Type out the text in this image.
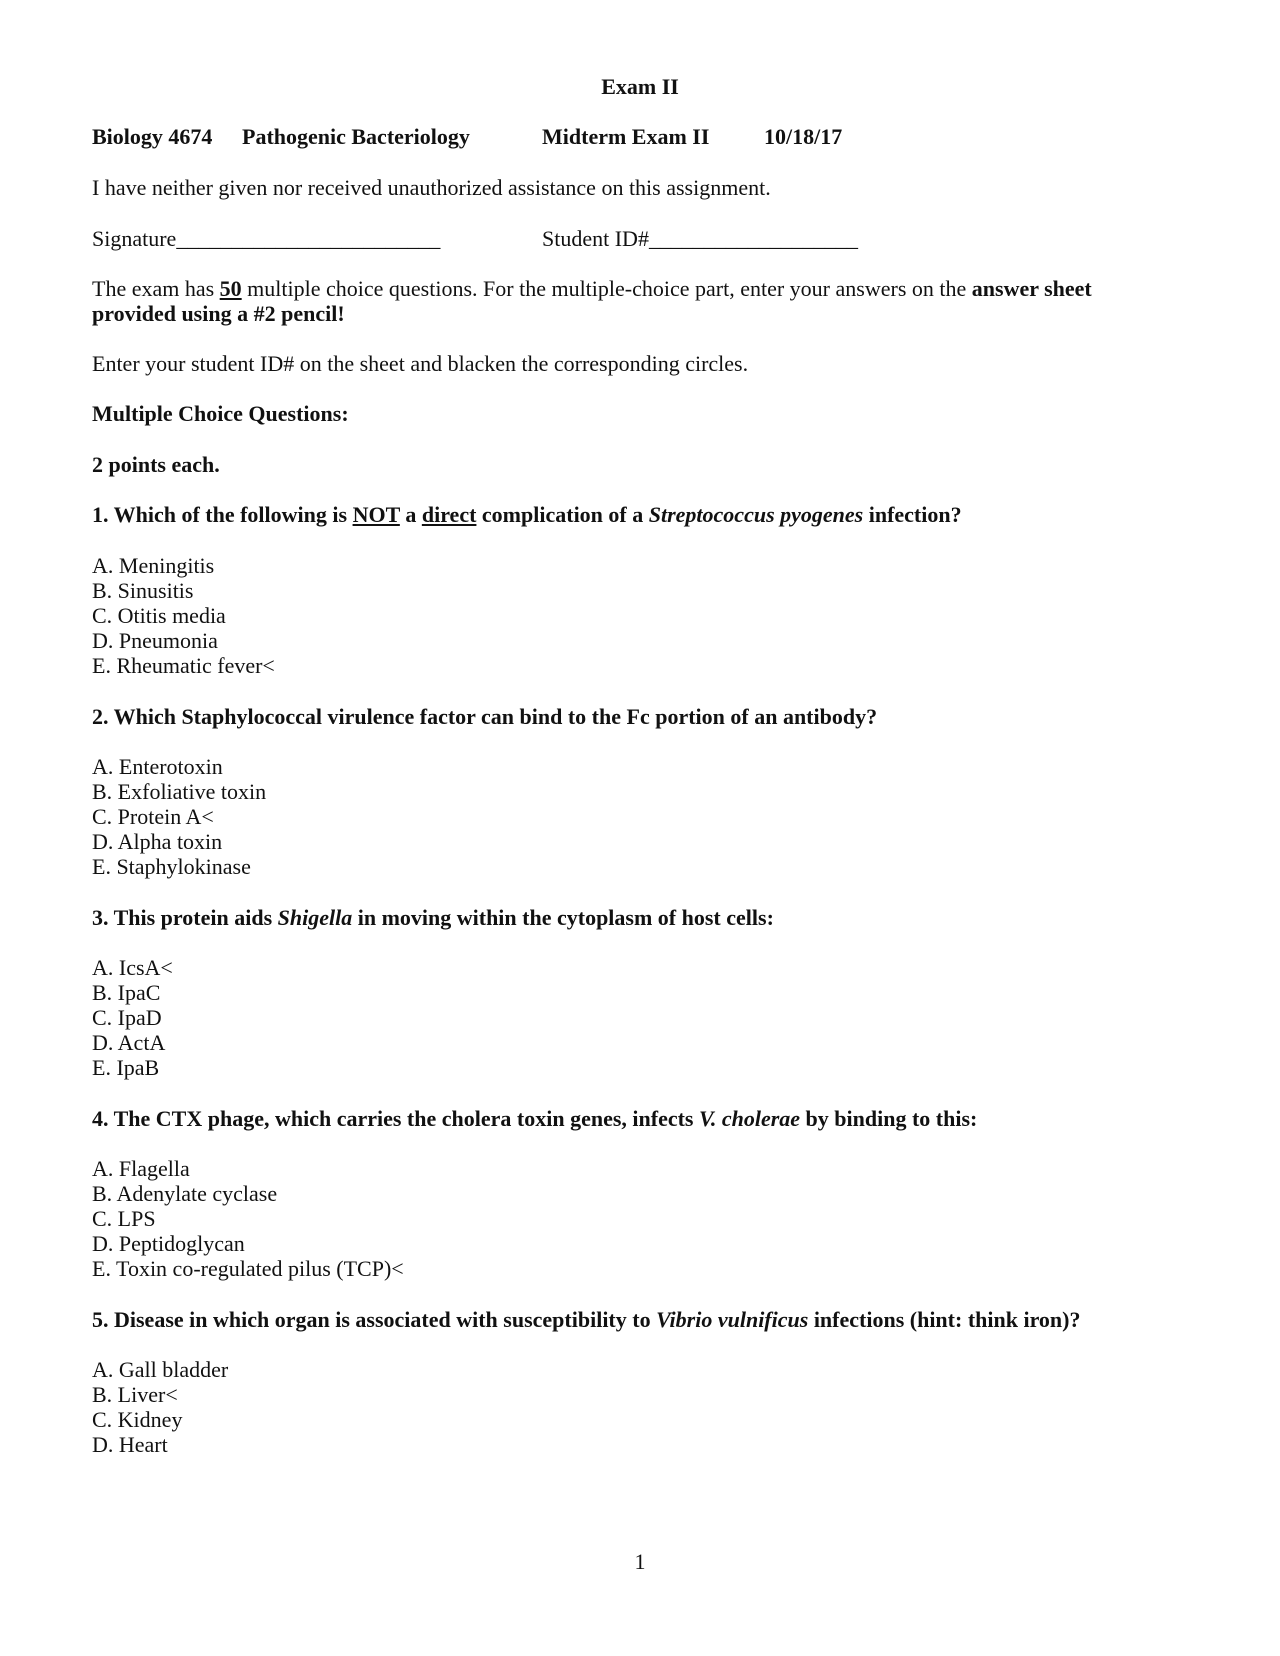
Exam II
Biology 4674 Pathogenic Bacteriology	Midterm Exam II 10/18/17
I have neither given nor received unauthorized assistance on this assignment.
Signature________________________	Student ID#___________________
The exam has 50 multiple choice questions. For the multiple-choice part, enter your answers on the answer sheet
provided using a #2 pencil!
Enter your student ID# on the sheet and blacken the corresponding circles.
Multiple Choice Questions:
2 points each.
1. Which of the following is NOT a direct complication of a Streptococcus pyogenes infection?
A. Meningitis
B. Sinusitis
C. Otitis media
D. Pneumonia
E. Rheumatic fever<
2. Which Staphylococcal virulence factor can bind to the Fc portion of an antibody?
A. Enterotoxin
B. Exfoliative toxin
C. Protein A<
D. Alpha toxin
E. Staphylokinase
3. This protein aids Shigella in moving within the cytoplasm of host cells:
A. IcsA<
B. IpaC
C. IpaD
D. ActA
E. IpaB
4. The CTX phage, which carries the cholera toxin genes, infects V. cholerae by binding to this:
A. Flagella
B. Adenylate cyclase
C. LPS
D. Peptidoglycan
E. Toxin co-regulated pilus (TCP)<
5. Disease in which organ is associated with susceptibility to Vibrio vulnificus infections (hint: think iron)?
A. Gall bladder
B. Liver<
C. Kidney
D. Heart
1
